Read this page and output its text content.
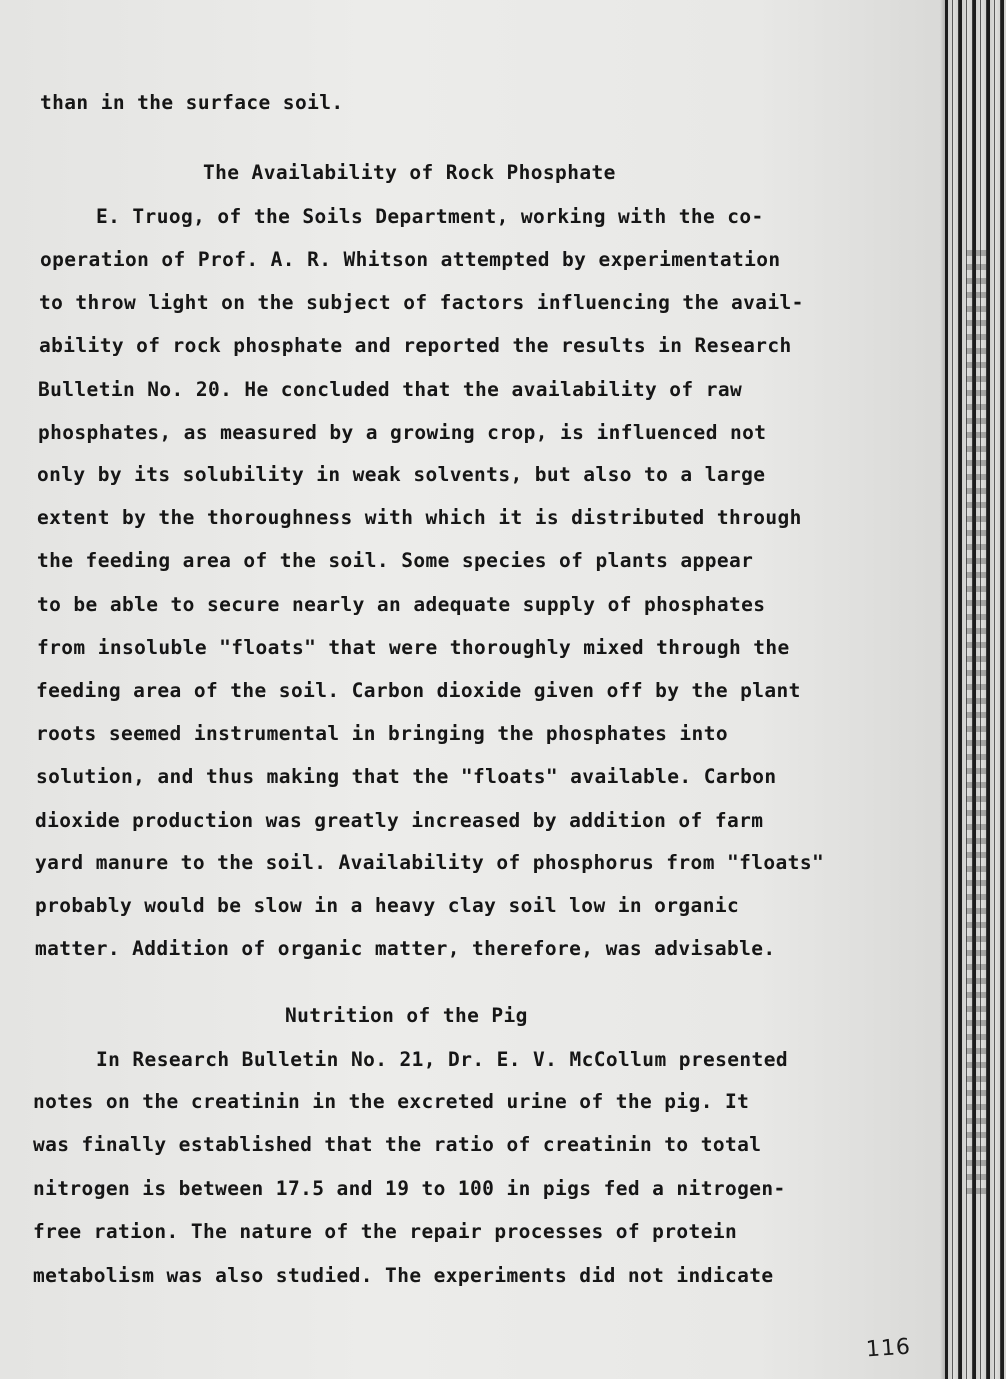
than in the surface soil.

The Availability of Rock Phosphate

E. Truog, of the Soils Department, working with the co-

operation of Prof. A. R. Whitson attempted by experimentation

to throw light on the subject of factors influencing the avail-

ability of rock phosphate and reported the results in Research

Bulletin No. 20. He concluded that the availability of raw

phosphates, as measured by a growing crop, is influenced not

only by its solubility in weak solvents, but also to a large

extent by the thoroughness with which it is distributed through

the feeding area of the soil. Some species of plants appear

to be able to secure nearly an adequate supply of phosphates

from insoluble "floats" that were thoroughly mixed through the

feeding area of the soil. Carbon dioxide given off by the plant

roots seemed instrumental in bringing the phosphates into

solution, and thus making that the "floats" available. Carbon

dioxide production was greatly increased by addition of farm

yard manure to the soil. Availability of phosphorus from "floats"

probably would be slow in a heavy clay soil low in organic

matter. Addition of organic matter, therefore, was advisable.

Nutrition of the Pig

In Research Bulletin No. 21, Dr. E. V. McCollum presented

notes on the creatinin in the excreted urine of the pig. It

was finally established that the ratio of creatinin to total

nitrogen is between 17.5 and 19 to 100 in pigs fed a nitrogen-

free ration. The nature of the repair processes of protein

metabolism was also studied. The experiments did not indicate

116
